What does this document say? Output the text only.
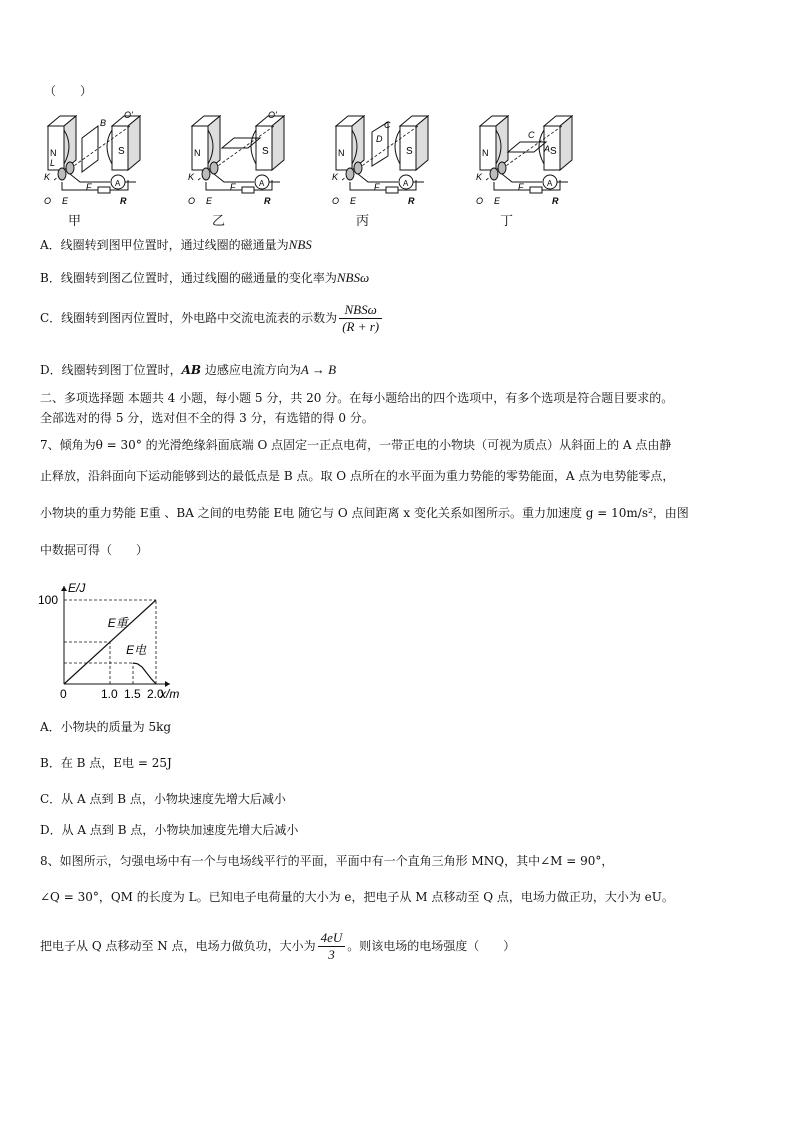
（　　）
N	S
B
O'
K
L
O E
F	A
R
N	S
K
O E
F	A
R
O'
N	S
K
O E
F	A
R
C
D
N	S
K
O E
F	A
R
C
A
甲	乙	丙	丁
A．线圈转到图甲位置时，通过线圈的磁通量为NBS
B．线圈转到图乙位置时，通过线圈的磁通量的变化率为NBSω
C．线圈转到图丙位置时，外电路中交流电流表的示数为 $\frac{\text{NBSω}}{(R + r)}$
D．线圈转到图丁位置时，AB 边感应电流方向为A → B
二、多项选择题 本题共 4 小题，每小题 5 分，共 20 分。在每小题给出的四个选项中，有多个选项是符合题目要求的。
全部选对的得 5 分，选对但不全的得 3 分，有选错的得 0 分。
7、倾角为θ = 30° 的光滑绝缘斜面底端 O 点固定一正点电荷，一带正电的小物块（可视为质点）从斜面上的 A 点由静
止释放，沿斜面向下运动能够到达的最低点是 B 点。取 O 点所在的水平面为重力势能的零势能面，A 点为电势能零点，
小物块的重力势能 E重 、BA 之间的电势能 E电 随它与 O 点间距离 x 变化关系如图所示。重力加速度 g = 10m/s²，由图
中数据可得（　　）
E重
E电
E/J
x/m
100
0	1.0 1.5 2.0
A．小物块的质量为 5kg
B．在 B 点，E电 = 25J
C．从 A 点到 B 点，小物块速度先增大后减小
D．从 A 点到 B 点，小物块加速度先增大后减小
8、如图所示，匀强电场中有一个与电场线平行的平面，平面中有一个直角三角形 MNQ，其中∠M = 90°，
∠Q = 30°，QM 的长度为 L。已知电子电荷量的大小为 e，把电子从 M 点移动至 Q 点，电场力做正功，大小为 eU。
把电子从 Q 点移动至 N 点，电场力做负功，大小为 $\frac{4eU}{3}$ 。则该电场的电场强度（　　）
